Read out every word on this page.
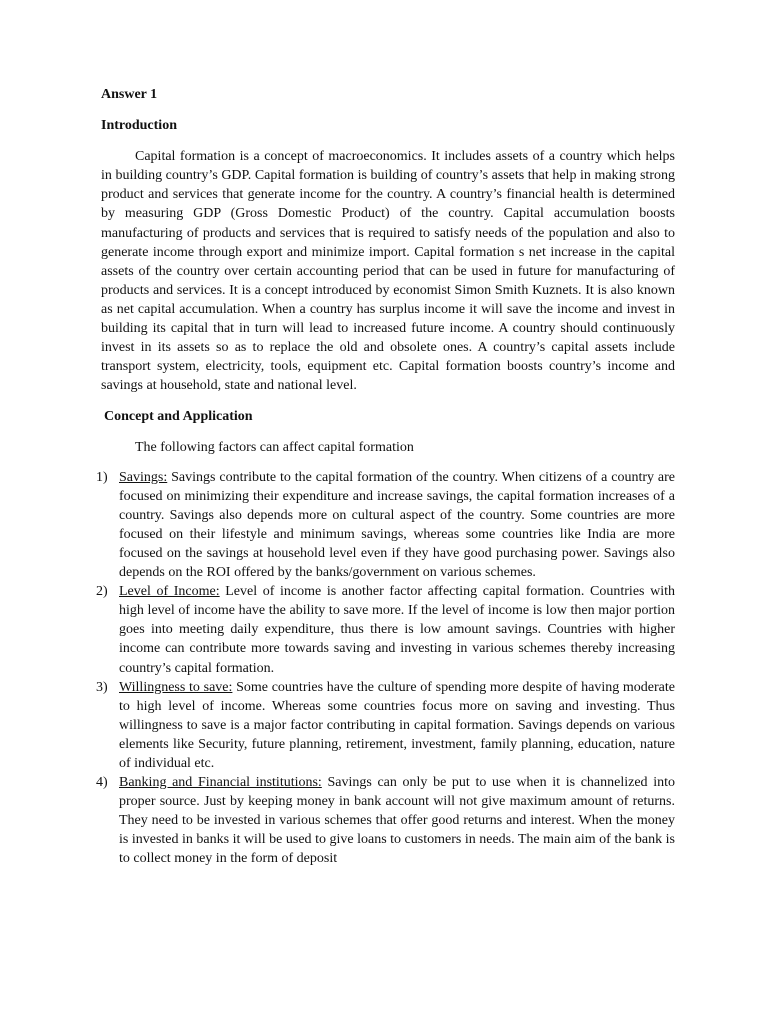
Answer 1

Introduction

Capital formation is a concept of macroeconomics. It includes assets of a country which helps in building country’s GDP. Capital formation is building of country’s assets that help in making strong product and services that generate income for the country. A country’s financial health is determined by measuring GDP (Gross Domestic Product) of the country. Capital accumulation boosts manufacturing of products and services that is required to satisfy needs of the population and also to generate income through export and minimize import. Capital formation s net increase in the capital assets of the country over certain accounting period that can be used in future for manufacturing of products and services. It is a concept introduced by economist Simon Smith Kuznets. It is also known as net capital accumulation. When a country has surplus income it will save the income and invest in building its capital that in turn will lead to increased future income. A country should continuously invest in its assets so as to replace the old and obsolete ones. A country’s capital assets include transport system, electricity, tools, equipment etc. Capital formation boosts country’s income and savings at household, state and national level.

Concept and Application

The following factors can affect capital formation

1) Savings: Savings contribute to the capital formation of the country. When citizens of a country are focused on minimizing their expenditure and increase savings, the capital formation increases of a country. Savings also depends more on cultural aspect of the country. Some countries are more focused on their lifestyle and minimum savings, whereas some countries like India are more focused on the savings at household level even if they have good purchasing power. Savings also depends on the ROI offered by the banks/government on various schemes.
2) Level of Income: Level of income is another factor affecting capital formation. Countries with high level of income have the ability to save more. If the level of income is low then major portion goes into meeting daily expenditure, thus there is low amount savings. Countries with higher income can contribute more towards saving and investing in various schemes thereby increasing country’s capital formation.
3) Willingness to save: Some countries have the culture of spending more despite of having moderate to high level of income. Whereas some countries focus more on saving and investing. Thus willingness to save is a major factor contributing in capital formation. Savings depends on various elements like Security, future planning, retirement, investment, family planning, education, nature of individual etc.
4) Banking and Financial institutions: Savings can only be put to use when it is channelized into proper source. Just by keeping money in bank account will not give maximum amount of returns. They need to be invested in various schemes that offer good returns and interest. When the money is invested in banks it will be used to give loans to customers in needs. The main aim of the bank is to collect money in the form of deposit
